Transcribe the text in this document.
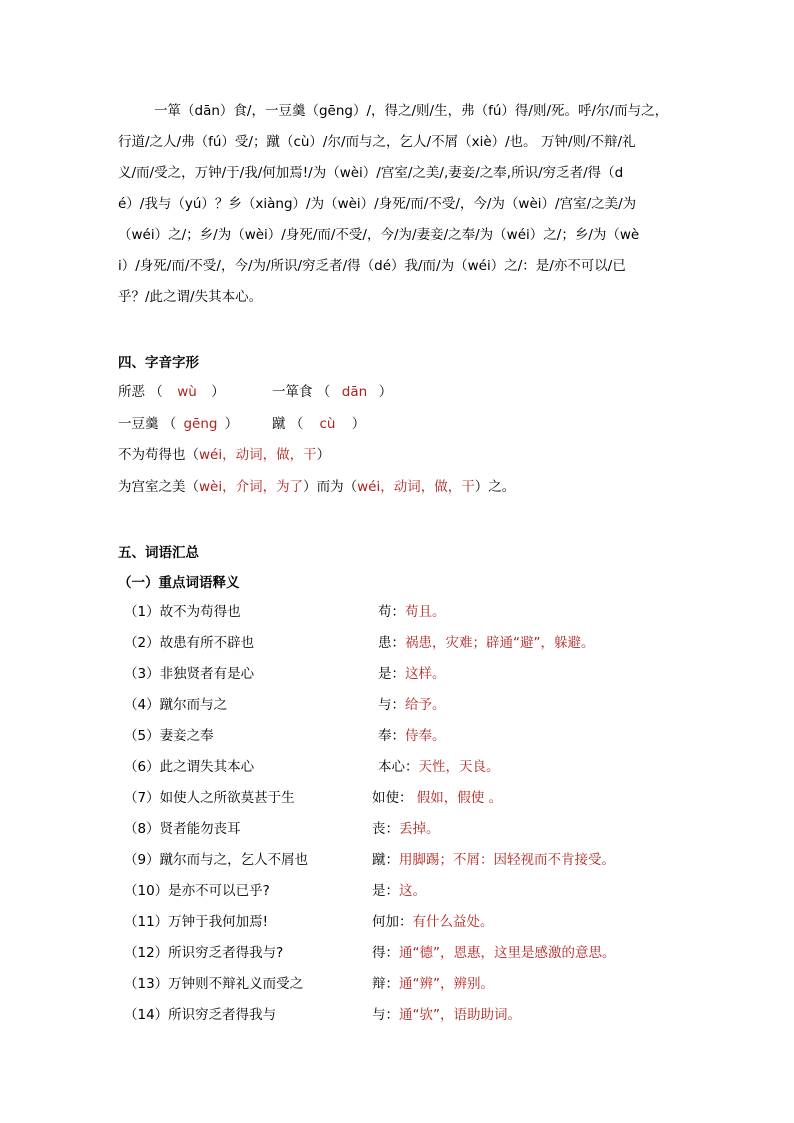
一箪（dān）食/，一豆羹（gēng）/，得之/则/生，弗（fú）得/则/死。呼/尔/而与之，
行道/之人/弗（fú）受/；蹴（cù）/尔/而与之，乞人/不屑（xiè）/也。 万钟/则/不辩/礼
义/而/受之，万钟/于/我/何加焉!/为（wèi）/宫室/之美/,妻妾/之奉,所识/穷乏者/得（d
é）/我与（yú）？乡（xiàng）/为（wèi）/身死/而/不受/，今/为（wèi）/宫室/之美/为
（wéi）之/；乡/为（wèi）/身死/而/不受/，今/为/妻妾/之奉/为（wéi）之/；乡/为（wè
i）/身死/而/不受/，今/为/所识/穷乏者/得（dé）我/而/为（wéi）之/：是/亦不可以/已
乎？/此之谓/失其本心。
四、字音字形
所恶 （ wù ）	一箪食 （ dān ）
一豆羹 （ gēng ）	蹴 （ cù ）
不为苟得也（wéi，动词，做，干）
为宫室之美（wèi，介词，为了）而为（wéi，动词，做，干）之。
五、词语汇总
（一）重点词语释义
（1）故不为苟得也	苟：苟且。
（2）故患有所不辟也	患：祸患，灾难；辟通“避”，躲避。
（3）非独贤者有是心	是：这样。
（4）蹴尔而与之	与：给予。
（5）妻妾之奉	奉：侍奉。
（6）此之谓失其本心	本心：天性，天良。
（7）如使人之所欲莫甚于生	如使： 假如，假使 。
（8）贤者能勿丧耳	丧：丢掉。
（9）蹴尔而与之，乞人不屑也	蹴：用脚踢；不屑：因轻视而不肯接受。
（10）是亦不可以已乎?	是：这。
（11）万钟于我何加焉!	何加：有什么益处。
（12）所识穷乏者得我与?	得：通“德”，恩惠，这里是感激的意思。
（13）万钟则不辩礼义而受之	辩：通“辨”，辨别。
（14）所识穷乏者得我与	与：通“欤”，语助助词。
